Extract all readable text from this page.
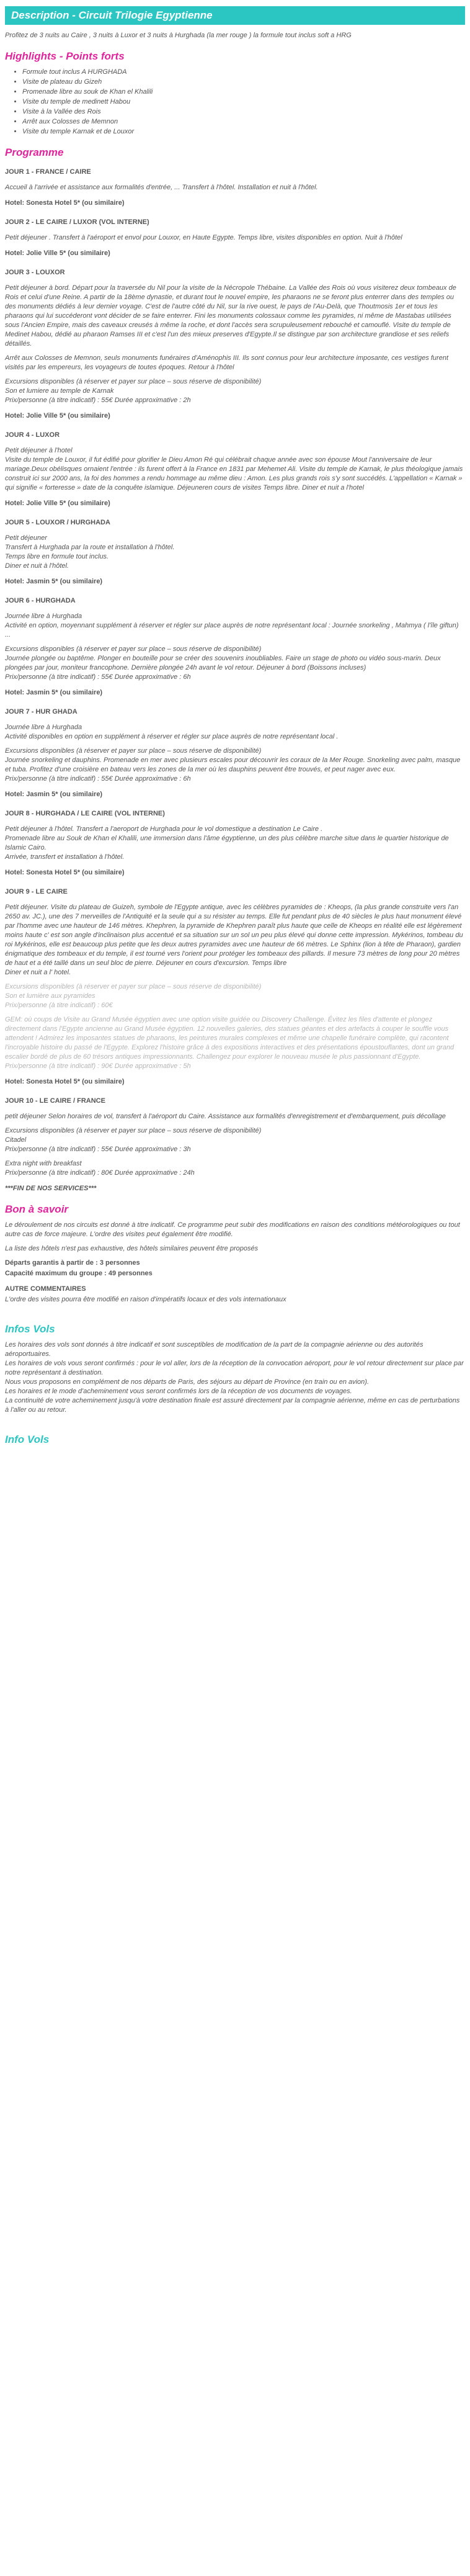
Description - Circuit Trilogie Egyptienne
Profitez de 3 nuits au Caire , 3 nuits à Luxor et 3 nuits à Hurghada (la mer rouge ) la formule tout inclus soft a HRG
Highlights - Points forts
• Formule tout inclus A HURGHADA
• Visite de plateau du Gizeh
• Promenade libre au souk de Khan el Khalili
• Visite du temple de medinett Habou
• Visite à la Vallée des Rois
• Arrêt aux Colosses de Memnon
• Visite du temple Karnak et de Louxor
Programme
JOUR 1 - FRANCE / CAIRE
Accueil à l'arrivée et assistance aux formalités d'entrée, ... Transfert à l'hôtel. Installation et nuit à l'hôtel.
Hotel: Sonesta Hotel 5* (ou similaire)
JOUR 2 - LE CAIRE / LUXOR (VOL INTERNE)
Petit déjeuner . Transfert à l'aéroport et envol pour Louxor, en Haute Egypte. Temps libre, visites disponibles en option. Nuit à l'hôtel
Hotel: Jolie Ville 5* (ou similaire)
JOUR 3 - LOUXOR
Petit déjeuner à bord. Départ pour la traversée du Nil pour la visite de la Nécropole Thébaine. La Vallée des Rois où vous visiterez deux tombeaux de Rois et celui d'une Reine. A partir de la 18ème dynastie, et durant tout le nouvel empire, les pharaons ne se feront plus enterrer dans des temples ou des monuments dédiés à leur dernier voyage. C'est de l'autre côté du Nil, sur la rive ouest, le pays de l'Au-Delà, que Thoutmosis 1er et tous les pharaons qui lui succéderont vont décider de se faire enterrer. Fini les monuments colossaux comme les pyramides, ni même de Mastabas utilisées sous l'Ancien Empire, mais des caveaux creusés à même la roche, et dont l'accès sera scrupuleusement rebouché et camouflé. Visite du temple de Medinet Habou, dédié au pharaon Ramses III et c'est l'un des mieux preserves d'Egypte.Il se distingue par son architecture grandiose et ses reliefs détaillés.
Arrêt aux Colosses de Memnon, seuls monuments funéraires d'Aménophis III. Ils sont connus pour leur architecture imposante, ces vestiges furent visités par les empereurs, les voyageurs de toutes époques. Retour à l'hôtel
Excursions disponibles (à réserver et payer sur place – sous réserve de disponibilité)
Son et lumiere au temple de Karnak
Prix/personne (à titre indicatif) : 55€ Durée approximative : 2h
Hotel: Jolie Ville 5* (ou similaire)
JOUR 4 - LUXOR
Petit déjeuner à l'hotel
Visite du temple de Louxor, il fut édifié pour glorifier le Dieu Amon Ré qui célébrait chaque année avec son épouse Mout l'anniversaire de leur mariage.Deux obélisques ornaient l'entrée : ils furent offert à la France en 1831 par Mehemet Ali. Visite du temple de Karnak, le plus théologique jamais construit ici sur 2000 ans, la foi des hommes a rendu hommage au même dieu : Amon. Les plus grands rois s'y sont succédés. L'appellation « Karnak » qui signifie « forteresse » date de la conquête islamique. Déjeuneren cours de visites Temps libre. Diner et nuit a l'hotel
Hotel: Jolie Ville 5* (ou similaire)
JOUR 5 - LOUXOR / HURGHADA
Petit déjeuner
Transfert à Hurghada par la route et installation à l'hôtel.
Temps libre en formule tout inclus.
Diner et nuit à l'hôtel.
Hotel: Jasmin 5* (ou similaire)
JOUR 6 - HURGHADA
Journée libre à Hurghada
Activité en option, moyennant supplément à réserver et régler sur place auprès de notre représentant local : Journée snorkeling , Mahmya ( l'île giftun) ...
Excursions disponibles (à réserver et payer sur place – sous réserve de disponibilité)
Journée plongée ou baptême. Plonger en bouteille pour se créer des souvenirs inoubliables. Faire un stage de photo ou vidéo sous-marin. Deux plongées par jour, moniteur francophone. Dernière plongée 24h avant le vol retour. Déjeuner à bord (Boissons incluses)
Prix/personne (à titre indicatif) : 55€ Durée approximative : 6h
Hotel: Jasmin 5* (ou similaire)
JOUR 7 - HUR GHADA
Journée libre à Hurghada
Activité disponibles en option en supplément à réserver et régler sur place auprès de notre représentant local .
Excursions disponibles (à réserver et payer sur place – sous réserve de disponibilité)
Journée snorkeling et dauphins. Promenade en mer avec plusieurs escales pour découvrir les coraux de la Mer Rouge. Snorkeling avec palm, masque et tuba. Profitez d'une croisière en bateau vers les zones de la mer où les dauphins peuvent être trouvés, et peut nager avec eux.
Prix/personne (à titre indicatif) : 55€ Durée approximative : 6h
Hotel: Jasmin 5* (ou similaire)
JOUR 8 - HURGHADA / LE CAIRE (VOL INTERNE)
Petit déjeuner à l'hôtel. Transfert a l'aeroport de Hurghada pour le vol domestique a destination Le Caire .
Promenade libre au Souk de Khan el Khalili, une immersion dans l'âme égyptienne, un des plus célèbre marche situe dans le quartier historique de Islamic Cairo.
Arrivée, transfert et installation à l'hôtel.
Hotel: Sonesta Hotel 5* (ou similaire)
JOUR 9 - LE CAIRE
Petit déjeuner. Visite du plateau de Guizeh, symbole de l'Egypte antique, avec les célèbres pyramides de : Kheops, (la plus grande construite vers l'an 2650 av. JC.), une des 7 merveilles de l'Antiquité et la seule qui a su résister au temps. Elle fut pendant plus de 40 siècles le plus haut monument élevé par l'homme avec une hauteur de 146 mètres. Khephren, la pyramide de Khephren paraît plus haute que celle de Kheops en réalité elle est légèrement moins haute c' est son angle d'inclinaison plus accentué et sa situation sur un sol un peu plus élevé qui donne cette impression. Mykérinos, tombeau du roi Mykérinos, elle est beaucoup plus petite que les deux autres pyramides avec une hauteur de 66 mètres. Le Sphinx (lion à tête de Pharaon), gardien énigmatique des tombeaux et du temple, il est tourné vers l'orient pour protéger les tombeaux des pillards. Il mesure 73 mètres de long pour 20 mètres de haut et a été taillé dans un seul bloc de pierre. Déjeuner en cours d'excursion. Temps libre
Diner et nuit a l' hotel.
Excursions disponibles (à réserver et payer sur place – sous réserve de disponibilité)
Son et lumière aux pyramides
Prix/personne (à titre indicatif) : 60€
GEM: où coups de Visite au Grand Musée égyptien avec une option visite guidée ou Discovery Challenge. Évitez les files d'attente et plongez directement dans l'Egypte ancienne au Grand Musée égyptien. 12 nouvelles galeries, des statues géantes et des artefacts à couper le souffle vous attendent ! Admirez les imposantes statues de pharaons, les peintures murales complexes et même une chapelle funéraire complète, qui racontent l'incroyable histoire du passé de l'Egypte. Explorez l'histoire grâce à des expositions interactives et des présentations époustouflantes, dont un grand escalier bordé de plus de 60 trésors antiques impressionnants. Challengez pour explorer le nouveau musée le plus passionnant d'Egypte.
Prix/personne (à titre indicatif) : 90€ Durée approximative : 5h
Hotel: Sonesta Hotel 5* (ou similaire)
JOUR 10 - LE CAIRE / FRANCE
petit déjeuner Selon horaires de vol, transfert à l'aéroport du Caire. Assistance aux formalités d'enregistrement et d'embarquement, puis décollage
Excursions disponibles (à réserver et payer sur place – sous réserve de disponibilité)
Citadel
Prix/personne (à titre indicatif) : 55€ Durée approximative : 3h
Extra night with breakfast
Prix/personne (à titre indicatif) : 80€ Durée approximative : 24h
***FIN DE NOS SERVICES***
Bon à savoir
Le déroulement de nos circuits est donné à titre indicatif. Ce programme peut subir des modifications en raison des conditions météorologiques ou tout autre cas de force majeure. L'ordre des visites peut également être modifié.
La liste des hôtels n'est pas exhaustive, des hôtels similaires peuvent être proposés
Départs garantis à partir de : 3 personnes
Capacité maximum du groupe : 49 personnes
AUTRE COMMENTAIRES
L'ordre des visites pourra être modifié en raison d'impératifs locaux et des vols internationaux
Infos Vols
Les horaires des vols sont donnés à titre indicatif et sont susceptibles de modification de la part de la compagnie aérienne ou des autorités aéroportuaires.
Les horaires de vols vous seront confirmés : pour le vol aller, lors de la réception de la convocation aéroport, pour le vol retour directement sur place par notre représentant à destination.
Nous vous proposons en complément de nos départs de Paris, des séjours au départ de Province (en train ou en avion).
Les horaires et le mode d'acheminement vous seront confirmés lors de la réception de vos documents de voyages.
La continuité de votre acheminement jusqu'à votre destination finale est assuré directement par la compagnie aérienne, même en cas de perturbations à l'aller ou au retour.
Info Vols
